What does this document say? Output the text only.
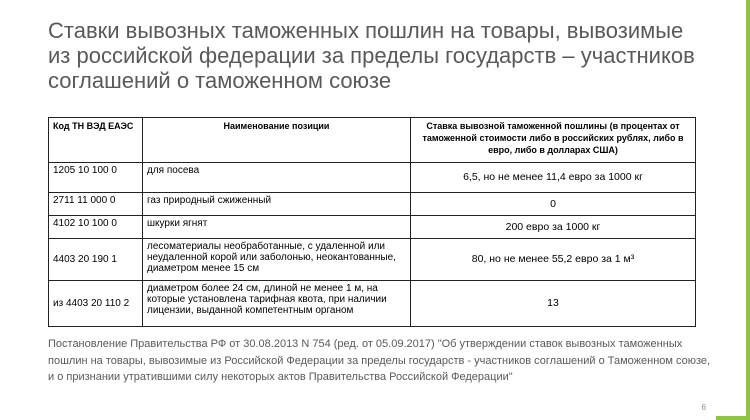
Ставки вывозных таможенных пошлин на товары, вывозимые из российской федерации за пределы государств – участников соглашений о таможенном союзе
Код ТН ВЭД ЕАЭС	Наименование позиции	Ставка вывозной таможенной пошлины (в процентах от таможенной стоимости либо в российских рублях, либо в евро, либо в долларах США)
1205 10 100 0	для посева	6,5, но не менее 11,4 евро за 1000 кг
2711 11 000 0	газ природный сжиженный	0
4102 10 100 0	шкурки ягнят	200 евро за 1000 кг
4403 20 190 1	лесоматериалы необработанные, с удаленной или неудаленной корой или заболонью, неокантованные, диаметром менее 15 см	80, но не менее 55,2 евро за 1 м³
из 4403 20 110 2	диаметром более 24 см, длиной не менее 1 м, на которые установлена тарифная квота, при наличии лицензии, выданной компетентным органом	13
Постановление Правительства РФ от 30.08.2013 N 754 (ред. от 05.09.2017) "Об утверждении ставок вывозных таможенных пошлин на товары, вывозимые из Российской Федерации за пределы государств - участников соглашений о Таможенном союзе, и о признании утратившими силу некоторых актов Правительства Российской Федерации"
6
